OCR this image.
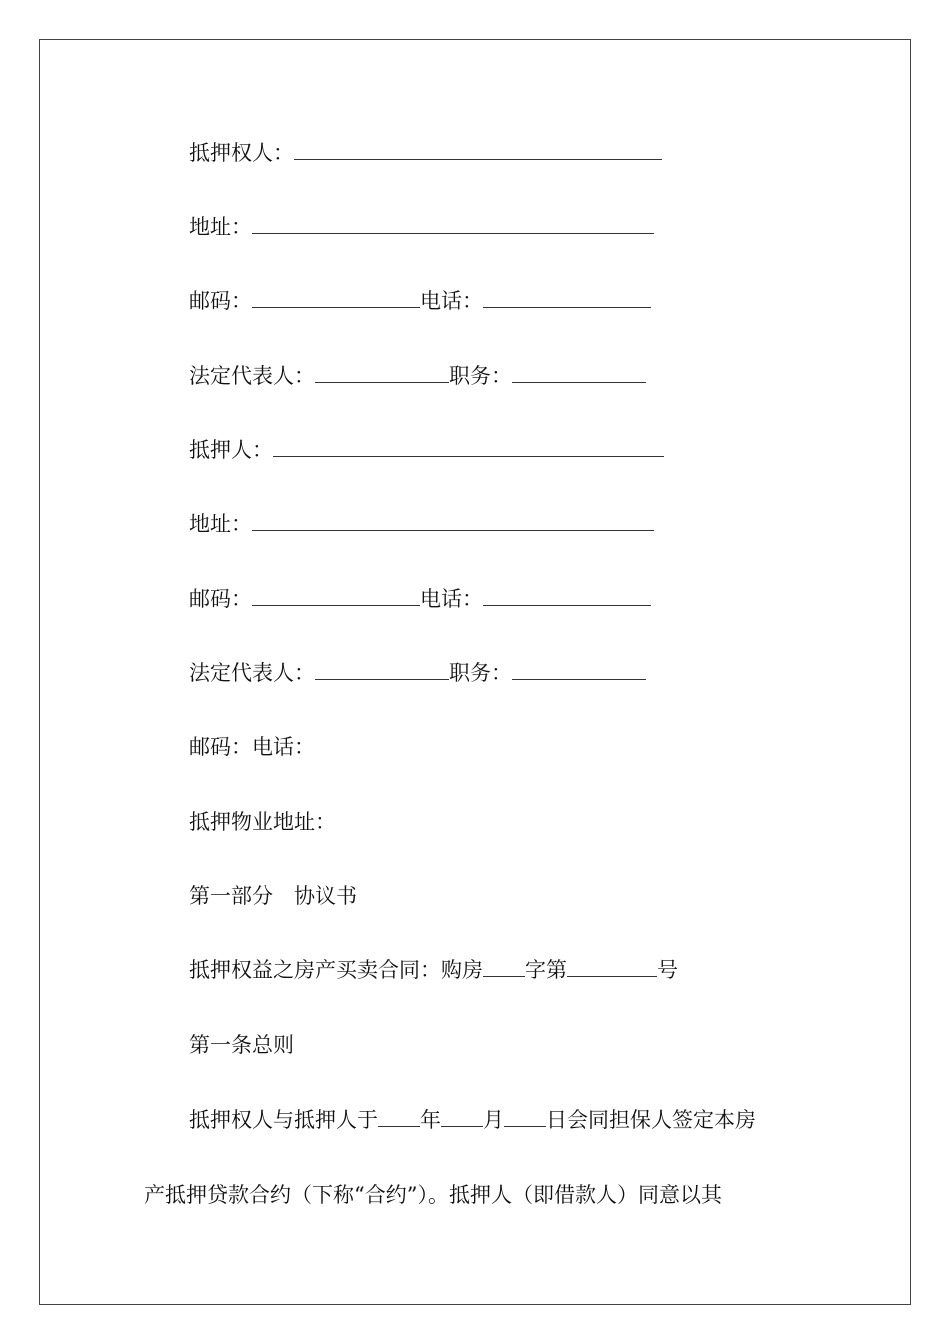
抵押权人：
地址：
邮码：	电话：
法定代表人：	职务：
抵押人：
地址：
邮码：	电话：
法定代表人：	职务：
邮码：电话：
抵押物业地址：
第一部分　协议书
抵押权益之房产买卖合同：购房 字第	号
第一条总则
抵押权人与抵押人于 年 月 日会同担保人签定本房
产抵押贷款合约（下称“合约”）。抵押人（即借款人）同意以其
